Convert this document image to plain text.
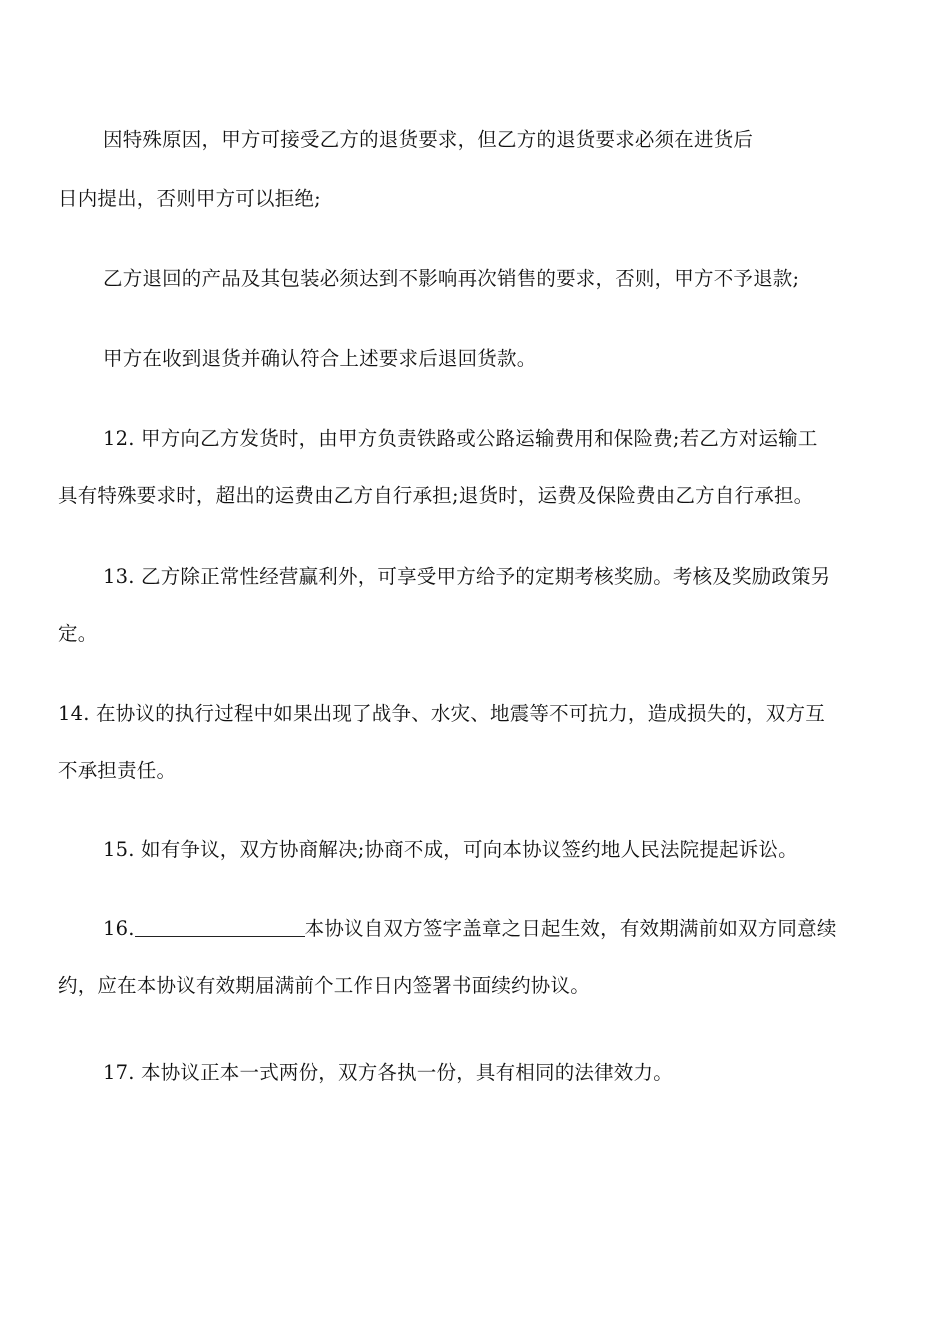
因特殊原因，甲方可接受乙方的退货要求，但乙方的退货要求必须在进货后
日内提出，否则甲方可以拒绝;
乙方退回的产品及其包装必须达到不影响再次销售的要求，否则，甲方不予退款;
甲方在收到退货并确认符合上述要求后退回货款。
12. 甲方向乙方发货时，由甲方负责铁路或公路运输费用和保险费;若乙方对运输工
具有特殊要求时，超出的运费由乙方自行承担;退货时，运费及保险费由乙方自行承担。
13. 乙方除正常性经营赢利外，可享受甲方给予的定期考核奖励。考核及奖励政策另
定。
14. 在协议的执行过程中如果出现了战争、水灾、地震等不可抗力，造成损失的，双方互
不承担责任。
15. 如有争议，双方协商解决;协商不成，可向本协议签约地人民法院提起诉讼。
16.	本协议自双方签字盖章之日起生效，有效期满前如双方同意续
约，应在本协议有效期届满前个工作日内签署书面续约协议。
17. 本协议正本一式两份，双方各执一份，具有相同的法律效力。
